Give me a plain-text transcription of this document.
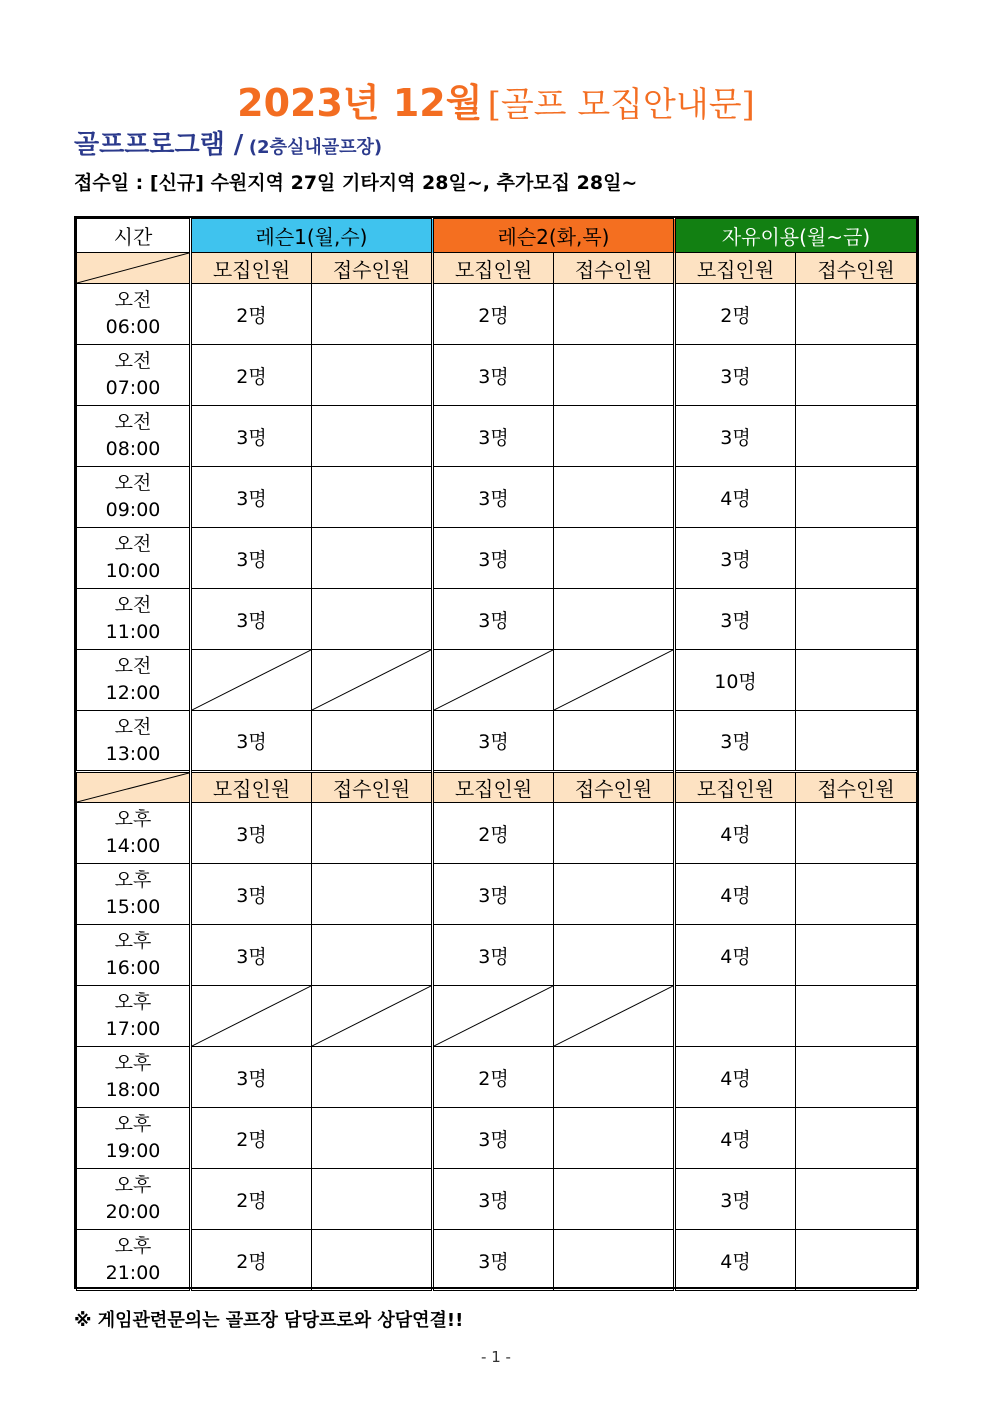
2023년 12월 [골프 모집안내문]
골프프로그램 / (2층실내골프장)
접수일 : [신규] 수원지역 27일 기타지역 28일~, 추가모집 28일~
시간	레슨1(월,수)		레슨2(화,목)		자유이용(월~금)	

	모집인원	접수인원	모집인원	접수인원	모집인원	접수인원

오전
06:00	2명		2명		2명	

오전
07:00	2명		3명		3명	

오전
08:00	3명		3명		3명	

오전
09:00	3명		3명		4명	

오전
10:00	3명		3명		3명	

오전
11:00	3명		3명		3명	

오전
12:00					10명	

오전
13:00	3명		3명		3명	

	모집인원	접수인원	모집인원	접수인원	모집인원	접수인원

오후
14:00	3명		2명		4명	

오후
15:00	3명		3명		4명	

오후
16:00	3명		3명		4명	

오후
17:00

오후
18:00	3명		2명		4명	

오후
19:00	2명		3명		4명	

오후
20:00	2명		3명		3명	

오후
21:00	2명		3명		4명	
※ 게임관련문의는 골프장 담당프로와 상담연결!!
- 1 -
